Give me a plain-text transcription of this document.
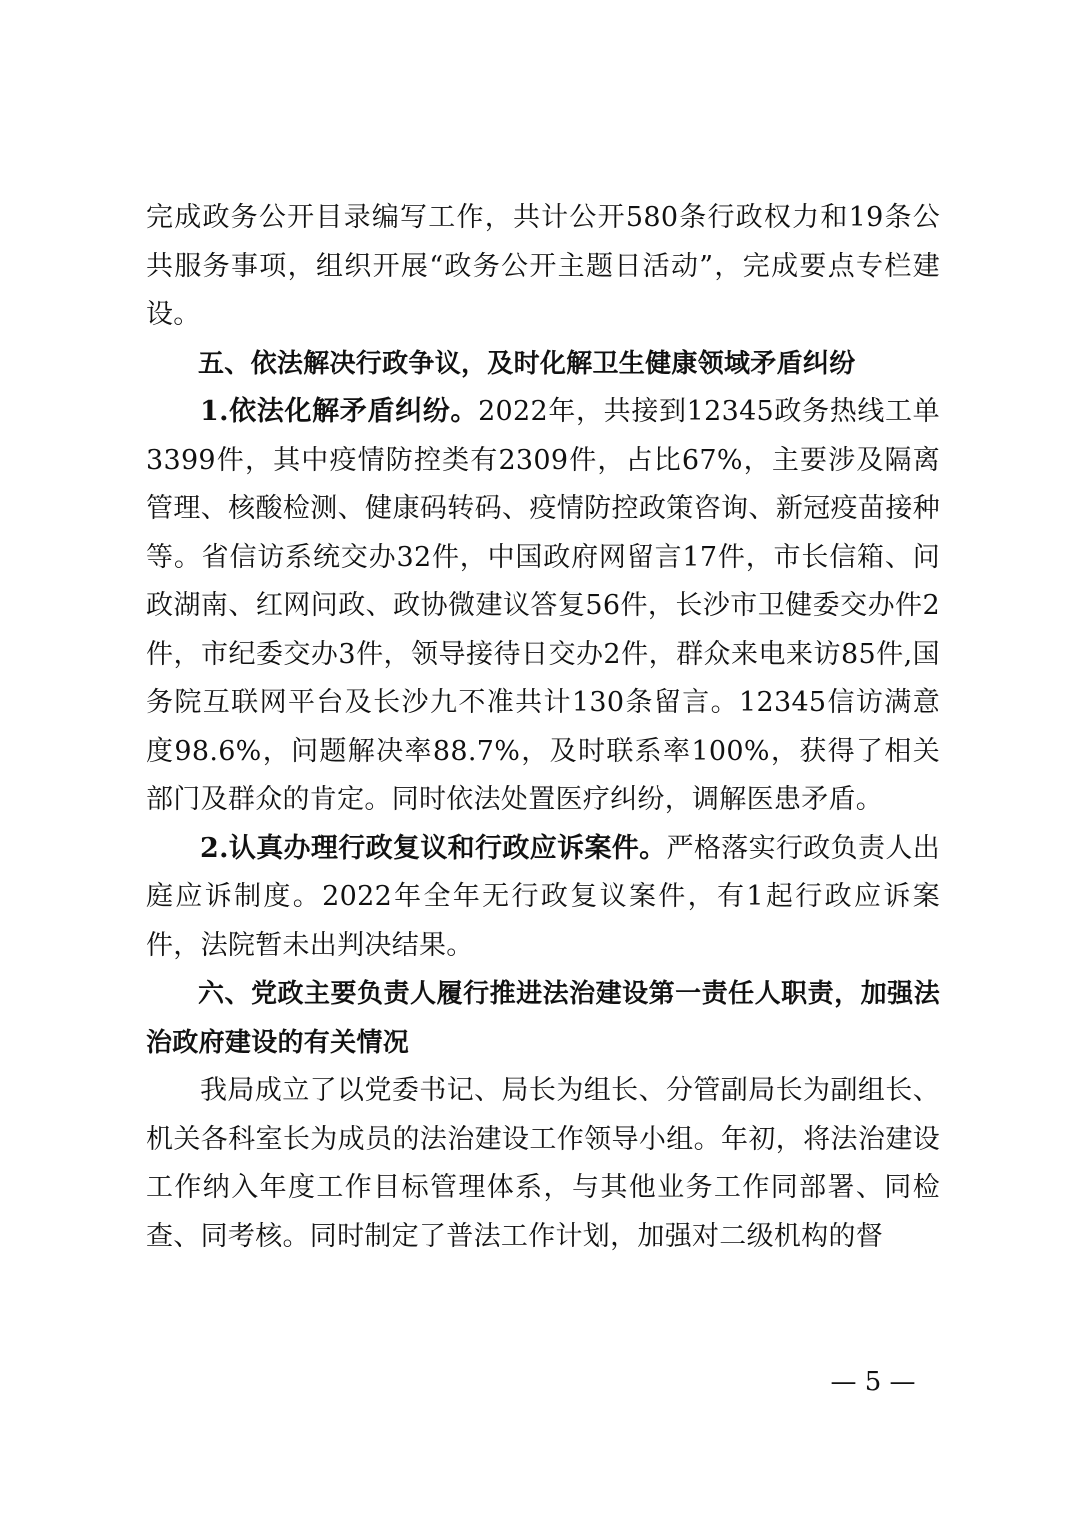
完成政务公开目录编写工作，共计公开580条行政权力和19条公共服务事项，组织开展“政务公开主题日活动”，完成要点专栏建设。

五、依法解决行政争议，及时化解卫生健康领域矛盾纠纷

1.依法化解矛盾纠纷。2022年，共接到12345政务热线工单3399件，其中疫情防控类有2309件，占比67%，主要涉及隔离管理、核酸检测、健康码转码、疫情防控政策咨询、新冠疫苗接种等。省信访系统交办32件，中国政府网留言17件，市长信箱、问政湖南、红网问政、政协微建议答复56件，长沙市卫健委交办件2件，市纪委交办3件，领导接待日交办2件，群众来电来访85件,国务院互联网平台及长沙九不准共计130条留言。12345信访满意度98.6%，问题解决率88.7%，及时联系率100%，获得了相关部门及群众的肯定。同时依法处置医疗纠纷，调解医患矛盾。

2.认真办理行政复议和行政应诉案件。严格落实行政负责人出庭应诉制度。2022年全年无行政复议案件，有1起行政应诉案件，法院暂未出判决结果。

六、党政主要负责人履行推进法治建设第一责任人职责，加强法治政府建设的有关情况

我局成立了以党委书记、局长为组长、分管副局长为副组长、机关各科室长为成员的法治建设工作领导小组。年初，将法治建设工作纳入年度工作目标管理体系，与其他业务工作同部署、同检查、同考核。同时制定了普法工作计划，加强对二级机构的督

— 5 —
